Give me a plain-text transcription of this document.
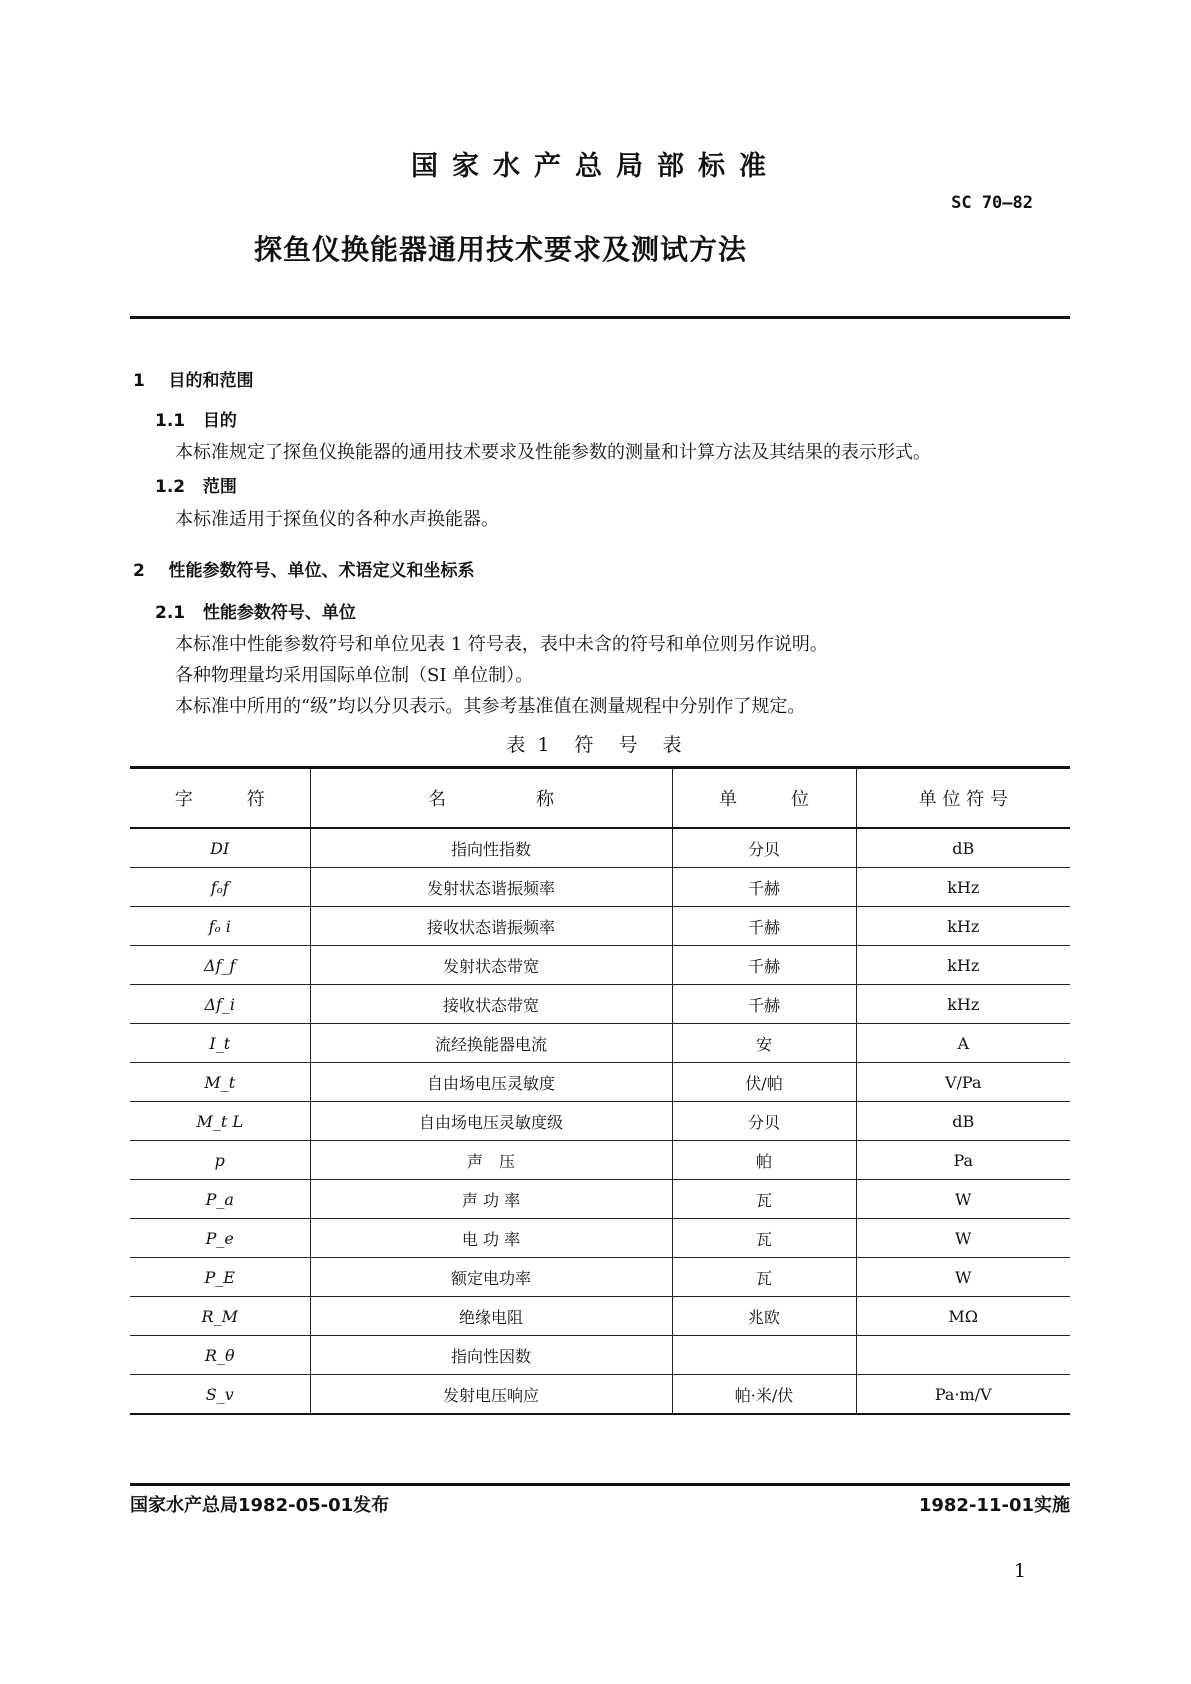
国家水产总局部标准
SC 70—82
探鱼仪换能器通用技术要求及测试方法
1 目的和范围
1.1 目的
本标准规定了探鱼仪换能器的通用技术要求及性能参数的测量和计算方法及其结果的表示形式。
1.2 范围
本标准适用于探鱼仪的各种水声换能器。
2 性能参数符号、单位、术语定义和坐标系
2.1 性能参数符号、单位
本标准中性能参数符号和单位见表 1 符号表，表中未含的符号和单位则另作说明。
各种物理量均采用国际单位制（SI 单位制）。
本标准中所用的“级”均以分贝表示。其参考基准值在测量规程中分别作了规定。
表 1　符　号　表
字　　　符	名　　　　　称	单　　　位	单 位 符 号
DI	指向性指数	分贝	dB
fₒf	发射状态谐振频率	千赫	kHz
fₒ i	接收状态谐振频率	千赫	kHz
Δf_f	发射状态带宽	千赫	kHz
Δf_i	接收状态带宽	千赫	kHz
I_t	流经换能器电流	安	A
M_t	自由场电压灵敏度	伏/帕	V/Pa
M_t L	自由场电压灵敏度级	分贝	dB
p	声　压	帕	Pa
P_a	声 功 率	瓦	W
P_e	电 功 率	瓦	W
P_E	额定电功率	瓦	W
R_M	绝缘电阻	兆欧	MΩ
R_θ	指向性因数		
S_v	发射电压响应	帕·米/伏	Pa·m/V
国家水产总局1982-05-01发布	1982-11-01实施
1
